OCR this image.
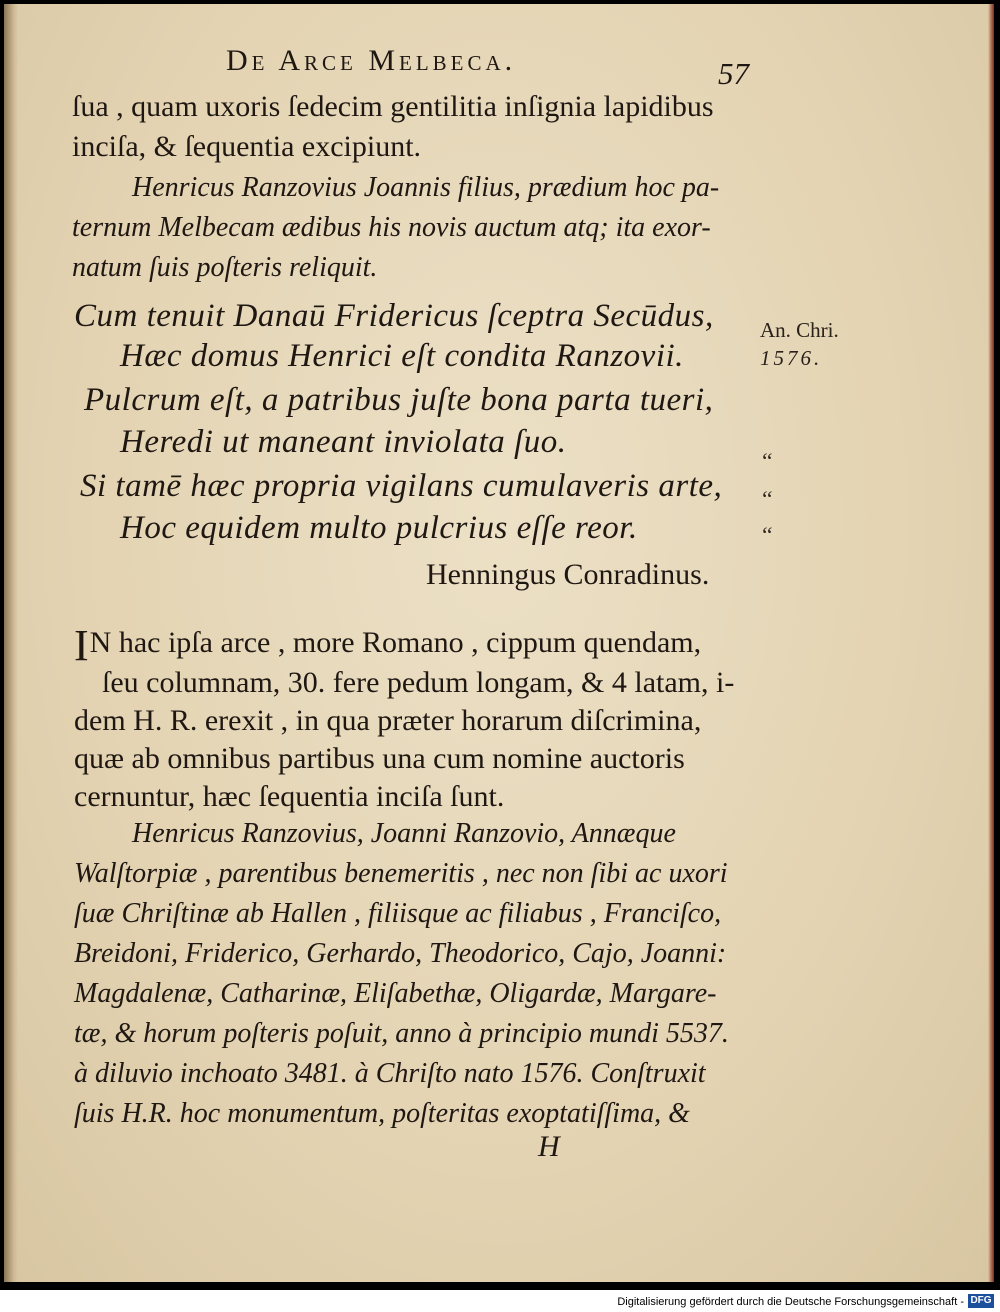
De Arce Melbeca.	57
ſua , quam uxoris ſedecim gentilitia inſignia lapidibus
inciſa, & ſequentia excipiunt.
Henricus Ranzovius Joannis filius, prædium hoc pa-
ternum Melbecam ædibus his novis auctum atq; ita exor-
natum ſuis poſteris reliquit.
Cum tenuit Danaū Fridericus ſceptra Secūdus,
Hæc domus Henrici eſt condita Ranzovii.
Pulcrum eſt, a patribus juſte bona parta tueri,
Heredi ut maneant inviolata ſuo.
Si tamē hæc propria vigilans cumulaveris arte,
Hoc equidem multo pulcrius eſſe reor.
Henningus Conradinus.
An. Chri.
1576.
‘‘
‘‘
‘‘
IN hac ipſa arce , more Romano , cippum quendam,
ſeu columnam, 30. fere pedum longam, & 4 latam, i-
dem H. R. erexit , in qua præter horarum diſcrimina,
quæ ab omnibus partibus una cum nomine auctoris
cernuntur, hæc ſequentia inciſa ſunt.
Henricus Ranzovius, Joanni Ranzovio, Annæque
Walſtorpiæ , parentibus benemeritis , nec non ſibi ac uxori
ſuæ Chriſtinæ ab Hallen , filiisque ac filiabus , Franciſco,
Breidoni, Friderico, Gerhardo, Theodorico, Cajo, Joanni:
Magdalenæ, Catharinæ, Eliſabethæ, Oligardæ, Margare-
tæ, & horum poſteris poſuit, anno à principio mundi 5537.
à diluvio inchoato 3481. à Chriſto nato 1576. Conſtruxit
ſuis H.R. hoc monumentum, poſteritas exoptatiſſima, &
H
Digitalisierung gefördert durch die Deutsche Forschungsgemeinschaft - DFG
